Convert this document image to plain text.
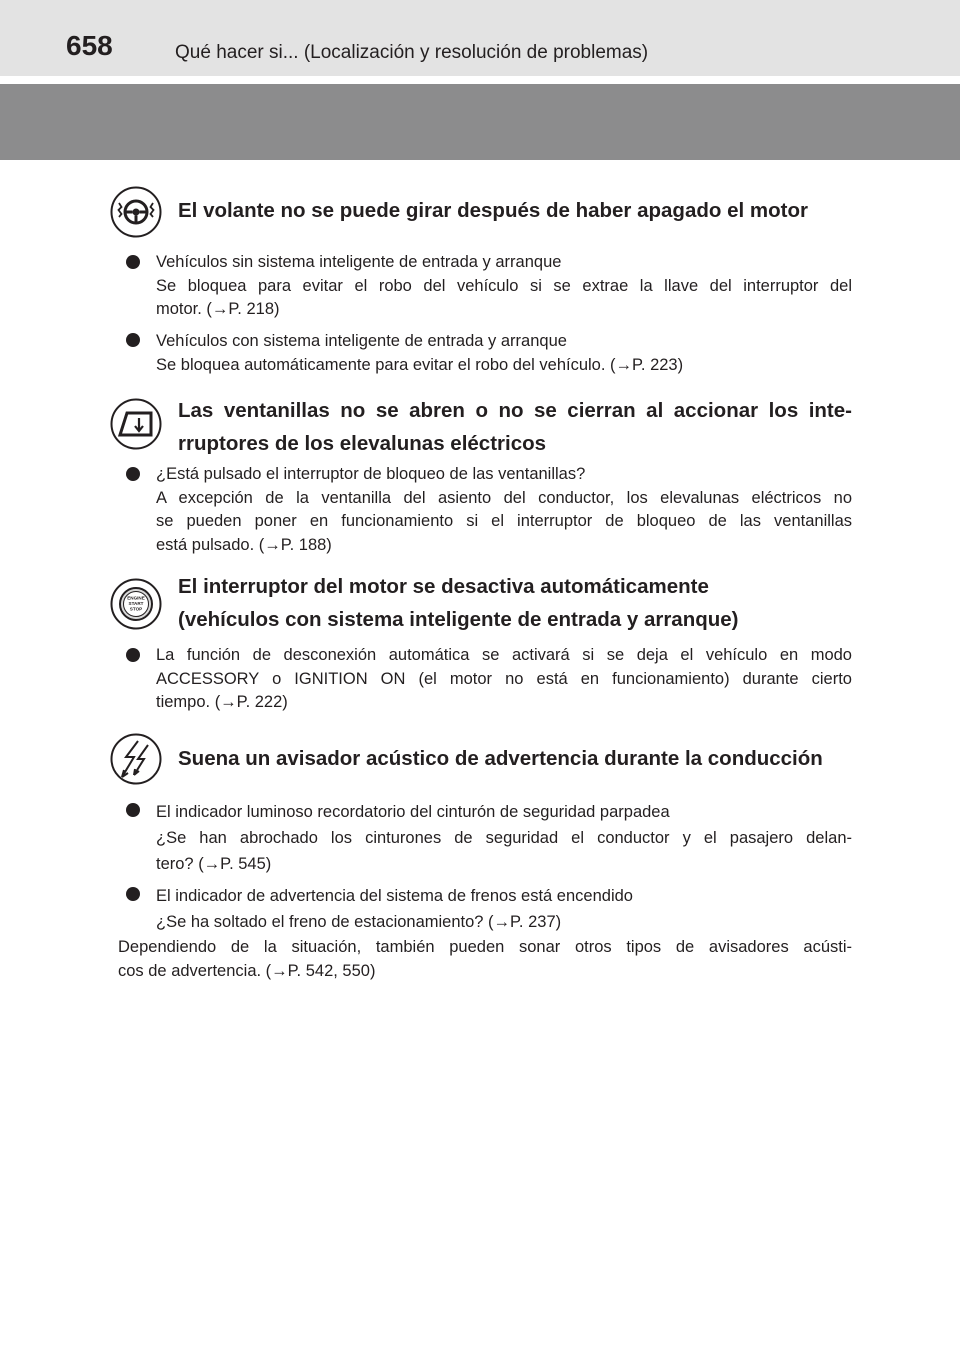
658	Qué hacer si... (Localización y resolución de problemas)
El volante no se puede girar después de haber apagado el motor
Vehículos sin sistema inteligente de entrada y arranque
Se bloquea para evitar el robo del vehículo si se extrae la llave del interruptor del
motor. (→P. 218)
Vehículos con sistema inteligente de entrada y arranque
Se bloquea automáticamente para evitar el robo del vehículo. (→P. 223)
Las ventanillas no se abren o no se cierran al accionar los inte-
rruptores de los elevalunas eléctricos
¿Está pulsado el interruptor de bloqueo de las ventanillas?
A excepción de la ventanilla del asiento del conductor, los elevalunas eléctricos no
se pueden poner en funcionamiento si el interruptor de bloqueo de las ventanillas
está pulsado. (→P. 188)
ENGINE
START
STOP
El interruptor del motor se desactiva automáticamente
(vehículos con sistema inteligente de entrada y arranque)
La función de desconexión automática se activará si se deja el vehículo en modo
ACCESSORY o IGNITION ON (el motor no está en funcionamiento) durante cierto
tiempo. (→P. 222)
Suena un avisador acústico de advertencia durante la conducción
El indicador luminoso recordatorio del cinturón de seguridad parpadea
¿Se han abrochado los cinturones de seguridad el conductor y el pasajero delan-
tero? (→P. 545)
El indicador de advertencia del sistema de frenos está encendido
¿Se ha soltado el freno de estacionamiento? (→P. 237)
Dependiendo de la situación, también pueden sonar otros tipos de avisadores acústi-
cos de advertencia. (→P. 542, 550)
